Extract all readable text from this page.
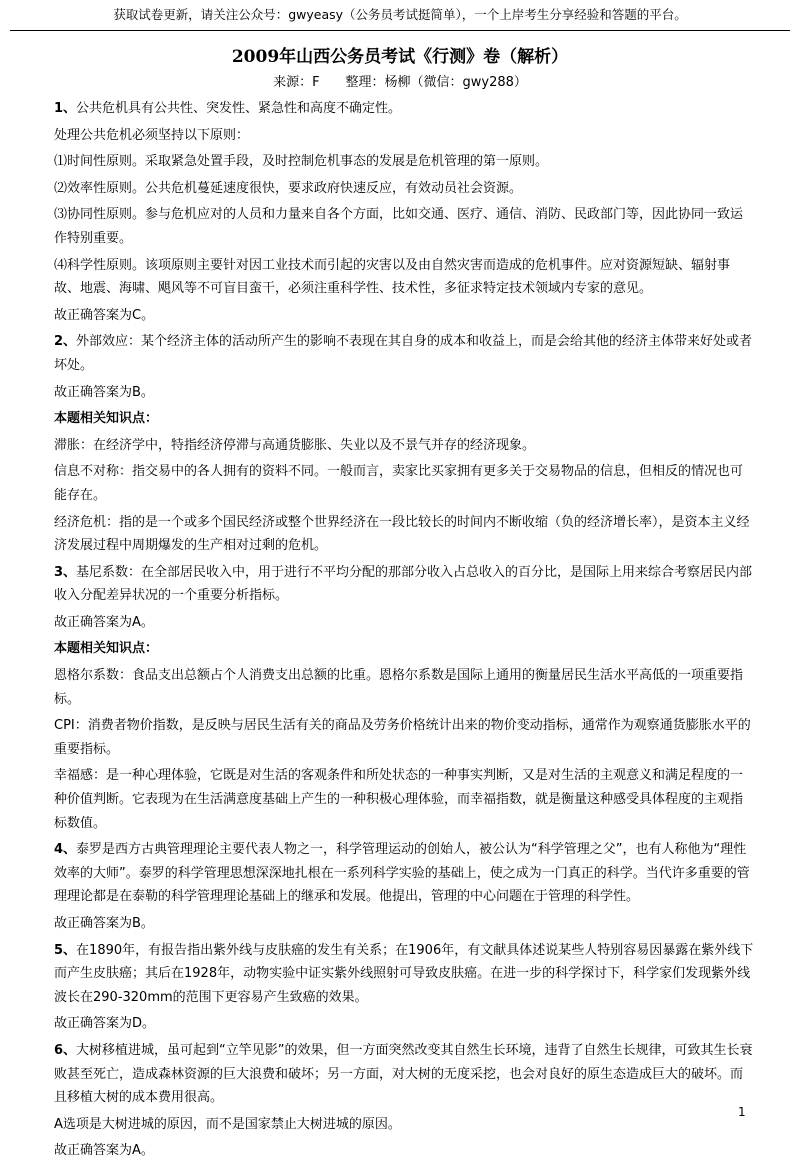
获取试卷更新，请关注公众号：gwyeasy（公务员考试挺简单），一个上岸考生分享经验和答题的平台。
2009年山西公务员考试《行测》卷（解析）
来源：F　　整理：杨柳（微信：gwy288）

1、公共危机具有公共性、突发性、紧急性和高度不确定性。

处理公共危机必须坚持以下原则：

⑴时间性原则。采取紧急处置手段，及时控制危机事态的发展是危机管理的第一原则。

⑵效率性原则。公共危机蔓延速度很快，要求政府快速反应，有效动员社会资源。

⑶协同性原则。参与危机应对的人员和力量来自各个方面，比如交通、医疗、通信、消防、民政部门等，因此协同一致运作特别重要。

⑷科学性原则。该项原则主要针对因工业技术而引起的灾害以及由自然灾害而造成的危机事件。应对资源短缺、辐射事故、地震、海啸、飓风等不可盲目蛮干，必须注重科学性、技术性，多征求特定技术领域内专家的意见。

故正确答案为C。

2、外部效应：某个经济主体的活动所产生的影响不表现在其自身的成本和收益上，而是会给其他的经济主体带来好处或者坏处。

故正确答案为B。

本题相关知识点：

滞胀：在经济学中，特指经济停滞与高通货膨胀、失业以及不景气并存的经济现象。

信息不对称：指交易中的各人拥有的资料不同。一般而言，卖家比买家拥有更多关于交易物品的信息，但相反的情况也可能存在。

经济危机：指的是一个或多个国民经济或整个世界经济在一段比较长的时间内不断收缩（负的经济增长率），是资本主义经济发展过程中周期爆发的生产相对过剩的危机。

3、基尼系数：在全部居民收入中，用于进行不平均分配的那部分收入占总收入的百分比，是国际上用来综合考察居民内部收入分配差异状况的一个重要分析指标。

故正确答案为A。

本题相关知识点：

恩格尔系数：食品支出总额占个人消费支出总额的比重。恩格尔系数是国际上通用的衡量居民生活水平高低的一项重要指标。

CPI：消费者物价指数，是反映与居民生活有关的商品及劳务价格统计出来的物价变动指标，通常作为观察通货膨胀水平的重要指标。

幸福感：是一种心理体验，它既是对生活的客观条件和所处状态的一种事实判断，又是对生活的主观意义和满足程度的一种价值判断。它表现为在生活满意度基础上产生的一种积极心理体验，而幸福指数，就是衡量这种感受具体程度的主观指标数值。

4、泰罗是西方古典管理理论主要代表人物之一，科学管理运动的创始人，被公认为“科学管理之父”，也有人称他为“理性效率的大师”。泰罗的科学管理思想深深地扎根在一系列科学实验的基础上，使之成为一门真正的科学。当代许多重要的管理理论都是在泰勒的科学管理理论基础上的继承和发展。他提出，管理的中心问题在于管理的科学性。

故正确答案为B。

5、在1890年，有报告指出紫外线与皮肤癌的发生有关系；在1906年，有文献具体述说某些人特别容易因暴露在紫外线下而产生皮肤癌；其后在1928年，动物实验中证实紫外线照射可导致皮肤癌。在进一步的科学探讨下，科学家们发现紫外线波长在290-320mm的范围下更容易产生致癌的效果。

故正确答案为D。

6、大树移植进城，虽可起到“立竿见影”的效果，但一方面突然改变其自然生长环境，违背了自然生长规律，可致其生长衰败甚至死亡，造成森林资源的巨大浪费和破坏；另一方面，对大树的无度采挖，也会对良好的原生态造成巨大的破坏。而且移植大树的成本费用很高。

A选项是大树进城的原因，而不是国家禁止大树进城的原因。

故正确答案为A。

1
